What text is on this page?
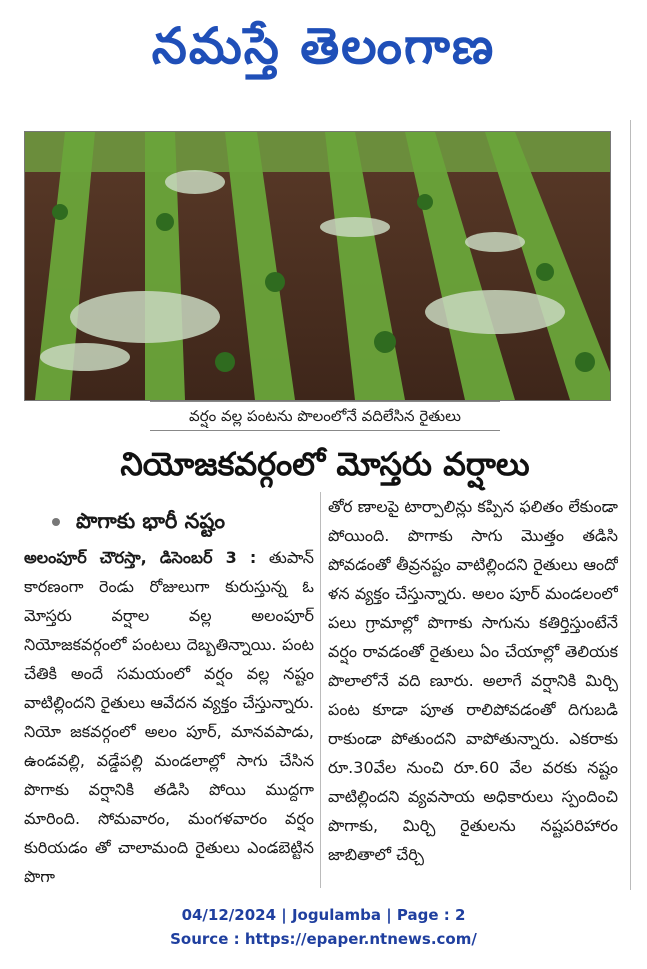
నమస్తే తెలంగాణ
వర్షం వల్ల పంటను పొలంలోనే వదిలేసిన రైతులు
నియోజకవర్గంలో మోస్తరు వర్షాలు
పొగాకు భారీ నష్టం
అలంపూర్ చౌరస్తా, డిసెంబర్ 3 : తుపాన్ కారణంగా రెండు రోజులుగా కురుస్తున్న ఓ మోస్తరు వర్షాల వల్ల అలంపూర్ నియోజకవర్గంలో పంటలు దెబ్బతిన్నాయి. పంట చేతికి అందే సమయంలో వర్షం వల్ల నష్టం వాటిల్లిందని రైతులు ఆవేదన వ్యక్తం చేస్తున్నారు. నియో జకవర్గంలో అలం పూర్, మానవపాడు, ఉండవల్లి, వడ్డేపల్లి మండలాల్లో సాగు చేసిన పొగాకు వర్షానికి తడిసి పోయి ముద్దగా మారింది. సోమవారం, మంగళవారం వర్షం కురియడం తో చాలామంది రైతులు ఎండబెట్టిన పొగా
తోర ణాలపై టార్పాలిన్లు కప్పిన ఫలితం లేకుండా పోయింది. పొగాకు సాగు మొత్తం తడిసి పోవడంతో తీవ్రనష్టం వాటిల్లిందని రైతులు ఆందో ళన వ్యక్తం చేస్తున్నారు. అలం పూర్ మండలంలో పలు గ్రామాల్లో పొగాకు సాగును కతిర్తిస్తుంటేనే వర్షం రావడంతో రైతులు ఏం చేయాల్లో తెలియక పొలాలోనే వది ణూరు. అలాగే వర్షానికి మిర్చి పంట కూడా పూత రాలిపోవడంతో దిగుబడి రాకుండా పోతుందని వాపోతున్నారు. ఎకరాకు రూ.30వేల నుంచి రూ.60 వేల వరకు నష్టం వాటిల్లిందని వ్యవసాయ అధికారులు స్పందించి పొగాకు, మిర్చి రైతులను నష్టపరిహారం జాబితాలో చేర్చి
04/12/2024 | Jogulamba | Page : 2
Source : https://epaper.ntnews.com/
